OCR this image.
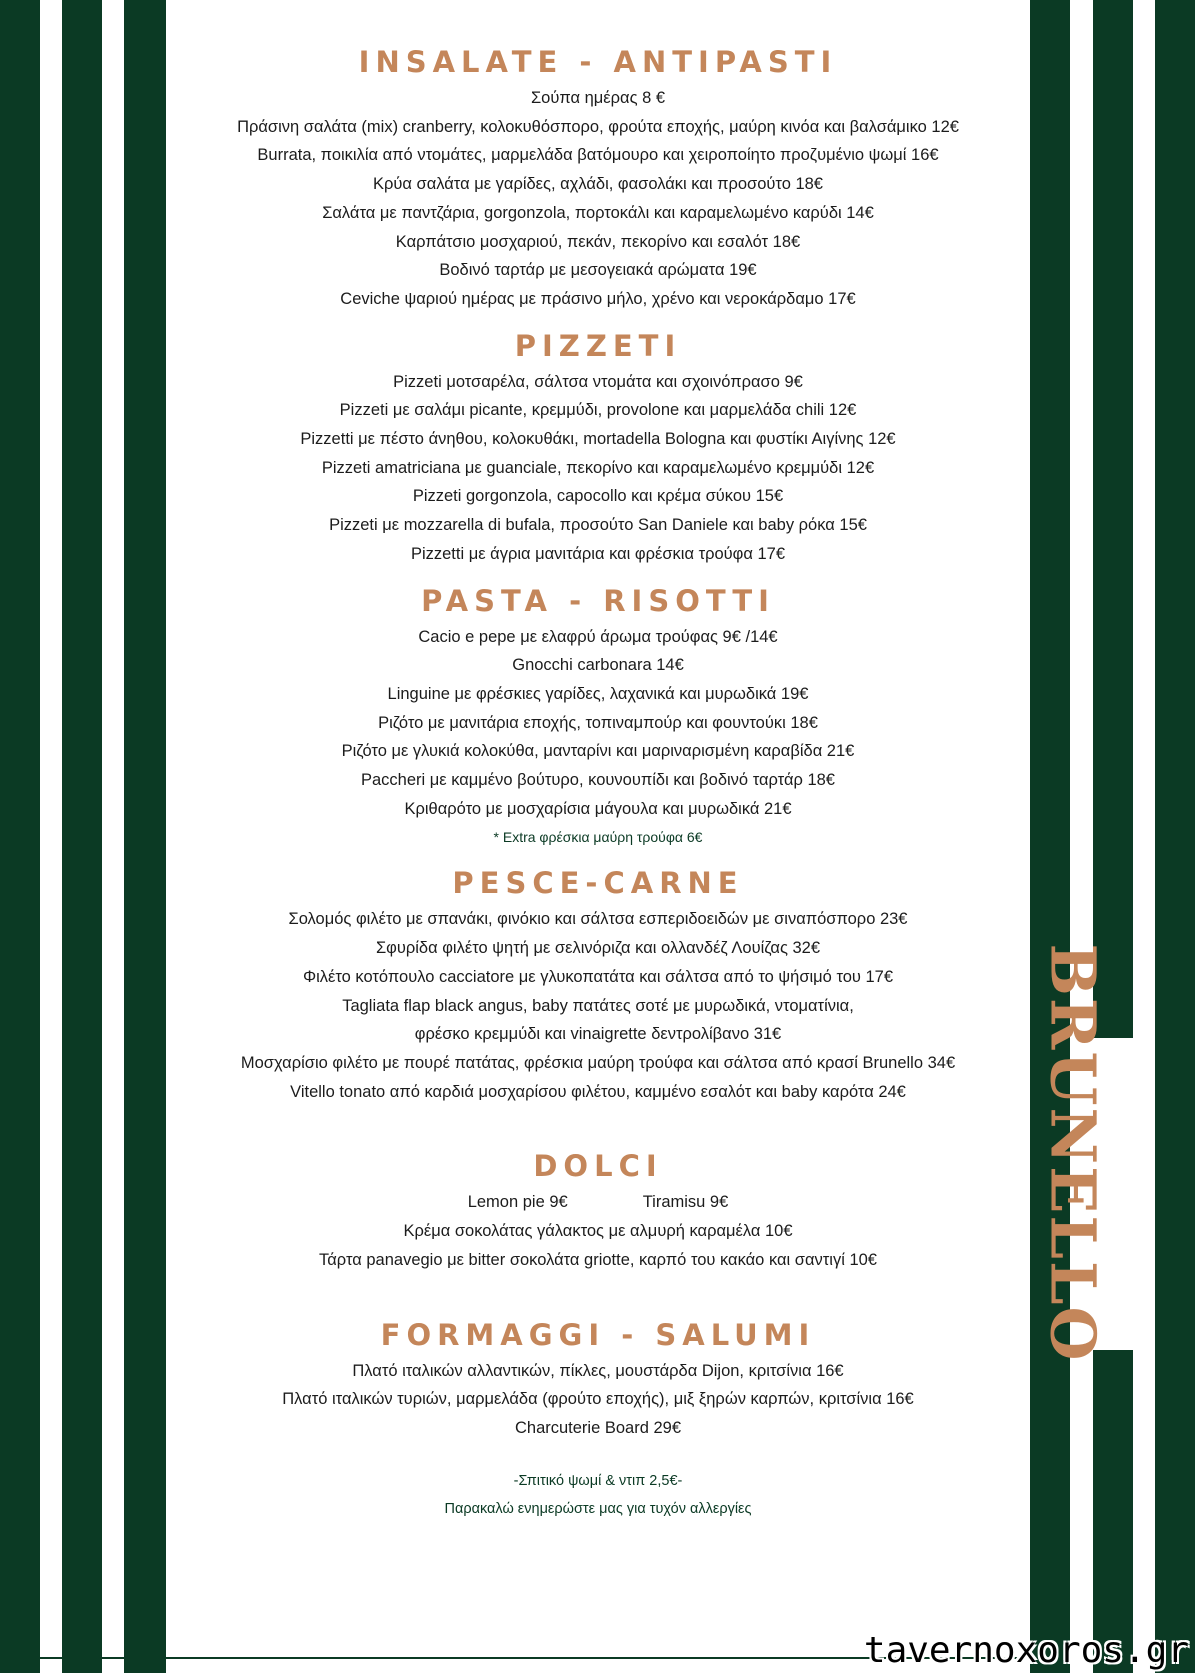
BRUNELLO
INSALATE - ANTIPASTI

Σούπα ημέρας 8 €

Πράσινη σαλάτα (mix) cranberry, κολοκυθόσπορο, φρούτα εποχής, μαύρη κινόα και βαλσάμικο 12€

Burrata, ποικιλία από ντομάτες, μαρμελάδα βατόμουρο και χειροποίητο προζυμένιο ψωμί 16€

Κρύα σαλάτα με γαρίδες, αχλάδι, φασολάκι και προσούτο 18€

Σαλάτα με παντζάρια, gorgonzola, πορτοκάλι και καραμελωμένο καρύδι 14€

Καρπάτσιο μοσχαριού, πεκάν, πεκορίνο και εσαλότ 18€

Βοδινό ταρτάρ με μεσογειακά αρώματα 19€

Ceviche ψαριού ημέρας με πράσινο μήλο, χρένο και νεροκάρδαμο 17€

PIZZETI

Pizzeti μοτσαρέλα, σάλτσα ντομάτα και σχοινόπρασο 9€

Pizzeti με σαλάμι picante, κρεμμύδι, provolone και μαρμελάδα chili 12€

Pizzetti με πέστο άνηθου, κολοκυθάκι, mortadella Bologna και φυστίκι Αιγίνης 12€

Pizzeti amatriciana με guanciale, πεκορίνο και καραμελωμένο κρεμμύδι 12€

Pizzeti gorgonzola, capocollo και κρέμα σύκου 15€

Pizzeti με mozzarella di bufala, προσούτο San Daniele και baby ρόκα 15€

Pizzetti με άγρια μανιτάρια και φρέσκια τρούφα 17€

PASTA - RISOTTI

Cacio e pepe με ελαφρύ άρωμα τρούφας 9€ /14€

Gnocchi carbonara 14€

Linguine με φρέσκιες γαρίδες, λαχανικά και μυρωδικά 19€

Ριζότο με μανιτάρια εποχής, τοπιναμπούρ και φουντούκι 18€

Ριζότο με γλυκιά κολοκύθα, μανταρίνι και μαριναρισμένη καραβίδα 21€

Paccheri με καμμένο βούτυρο, κουνουπίδι και βοδινό ταρτάρ 18€

Κριθαρότο με μοσχαρίσια μάγουλα και μυρωδικά 21€

* Extra φρέσκια μαύρη τρούφα 6€

PESCE-CARNE

Σολομός φιλέτο με σπανάκι, φινόκιο και σάλτσα εσπεριδοειδών με σιναπόσπορο 23€

Σφυρίδα φιλέτο ψητή με σελινόριζα και ολλανδέζ Λουίζας 32€

Φιλέτο κοτόπουλο cacciatore με γλυκοπατάτα και σάλτσα από το ψήσιμό του 17€

Tagliata flap black angus, baby πατάτες σοτέ με μυρωδικά, ντοματίνια,

φρέσκο κρεμμύδι και vinaigrette δεντρολίβανο 31€

Μοσχαρίσιο φιλέτο με πουρέ πατάτας, φρέσκια μαύρη τρούφα και σάλτσα από κρασί Brunello 34€

Vitello tonato από καρδιά μοσχαρίσου φιλέτου, καμμένο εσαλότ και baby καρότα 24€

DOLCI
Lemon pie 9€	Tiramisu 9€

Κρέμα σοκολάτας γάλακτος με αλμυρή καραμέλα 10€

Τάρτα panavegio με bitter σοκολάτα griotte, καρπό του κακάο και σαντιγί 10€

FORMAGGI - SALUMI

Πλατό ιταλικών αλλαντικών, πίκλες, μουστάρδα Dijon, κριτσίνια 16€

Πλατό ιταλικών τυριών, μαρμελάδα (φρούτο εποχής), μιξ ξηρών καρπών, κριτσίνια 16€

Charcuterie Board 29€

-Σπιτικό ψωμί & ντιπ 2,5€-

Παρακαλώ ενημερώστε μας για τυχόν αλλεργίες

tavernoxoros.gr
